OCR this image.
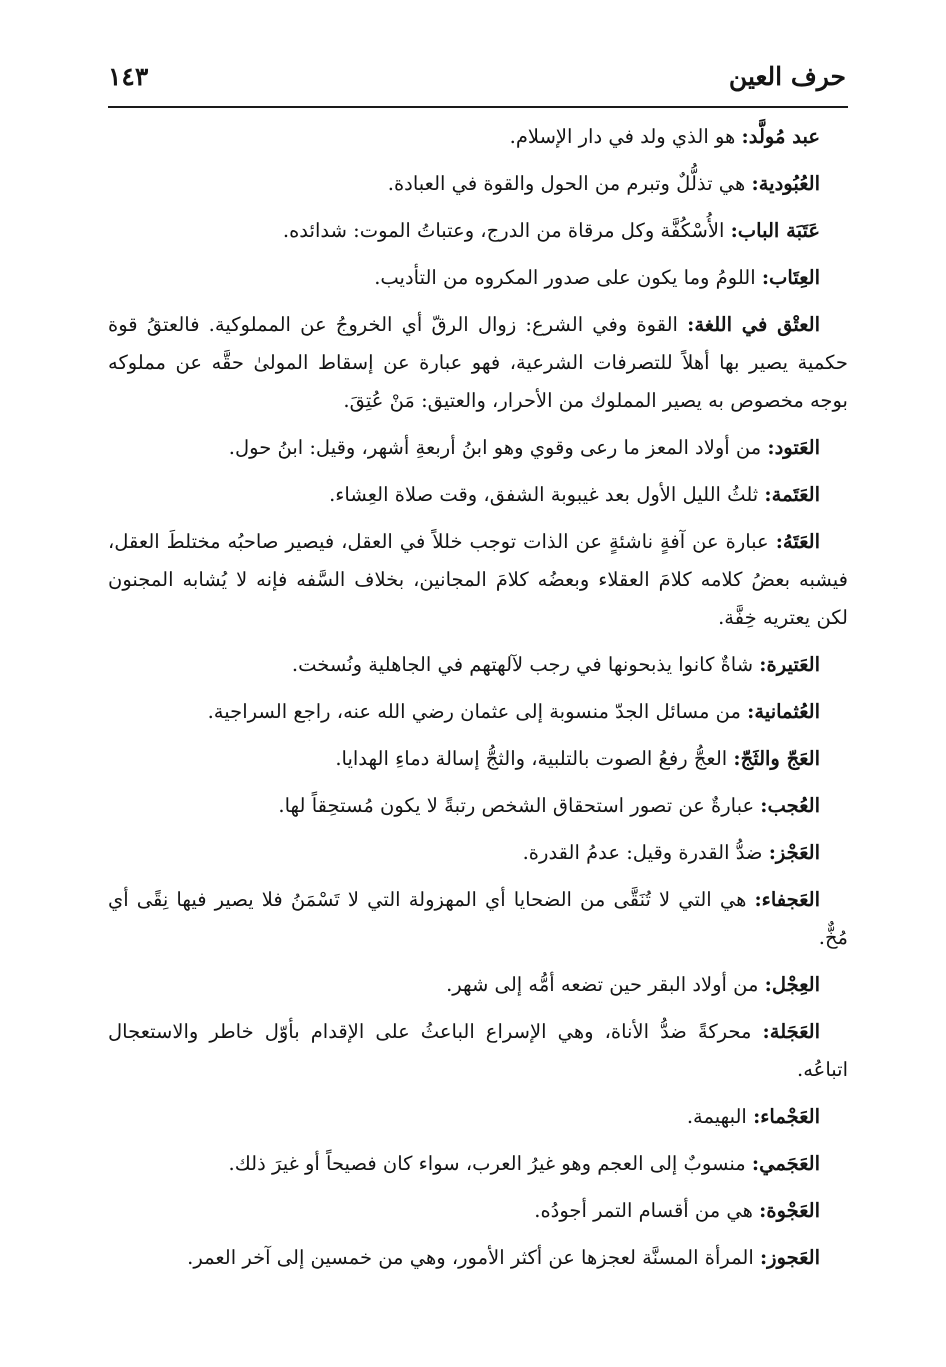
حرف العين
١٤٣

عبد مُولَّد: هو الذي ولد في دار الإسلام.

العُبُودية: هي تذلُّلٌ وتبرم من الحول والقوة في العبادة.

عَتَبَة الباب: الأُسْكُفَّة وكل مرقاة من الدرج، وعتباتُ الموت: شدائده.

العِتَاب: اللومُ وما يكون على صدور المكروه من التأديب.

العتْق في اللغة: القوة وفي الشرع: زوال الرقّ أي الخروجُ عن المملوكية. فالعتقُ قوة حكمية يصير بها أهلاً للتصرفات الشرعية، فهو عبارة عن إسقاط المولىٰ حقَّه عن مملوكه بوجه مخصوص به يصير المملوك من الأحرار، والعتيق: مَنْ عُتِقَ.

العَتود: من أولاد المعز ما رعى وقوي وهو ابنُ أربعةِ أشهر، وقيل: ابنُ حول.

العَتَمة: ثلثُ الليل الأول بعد غيبوبة الشفق، وقت صلاة العِشاء.

العَتَهُ: عبارة عن آفةٍ ناشئةٍ عن الذات توجب خللاً في العقل، فيصير صاحبُه مختلطَ العقل، فيشبه بعضُ كلامه كلامَ العقلاء وبعضُه كلامَ المجانين، بخلاف السَّفه فإنه لا يُشابه المجنون لكن يعتريه خِفَّة.

العَتيرة: شاةٌ كانوا يذبحونها في رجب لآلهتهم في الجاهلية ونُسخت.

العُثمانية: من مسائل الجدّ منسوبة إلى عثمان رضي الله عنه، راجع السراجية.

العَجّ والثَجّ: العجُّ رفعُ الصوت بالتلبية، والثجُّ إسالة دماءِ الهدايا.

العُجب: عبارةٌ عن تصور استحقاق الشخص رتبةً لا يكون مُستحِقاً لها.

العَجْز: ضدُّ القدرة وقيل: عدمُ القدرة.

العَجفاء: هي التي لا تُنَقَّى من الضحايا أي المهزولة التي لا تَسْمَنُ فلا يصير فيها نِقًى أي مُخٌّ.

العِجْل: من أولاد البقر حين تضعه أمُّه إلى شهر.

العَجَلة: محركةً ضدُّ الأناة، وهي الإسراع الباعثُ على الإقدام بأوّل خاطر والاستعجال اتباعُه.

العَجْماء: البهيمة.

العَجَمي: منسوبٌ إلى العجم وهو غيرُ العرب، سواء كان فصيحاً أو غيرَ ذلك.

العَجْوة: هي من أقسام التمر أجودُه.

العَجوز: المرأة المسنَّة لعجزها عن أكثر الأمور، وهي من خمسين إلى آخر العمر.
